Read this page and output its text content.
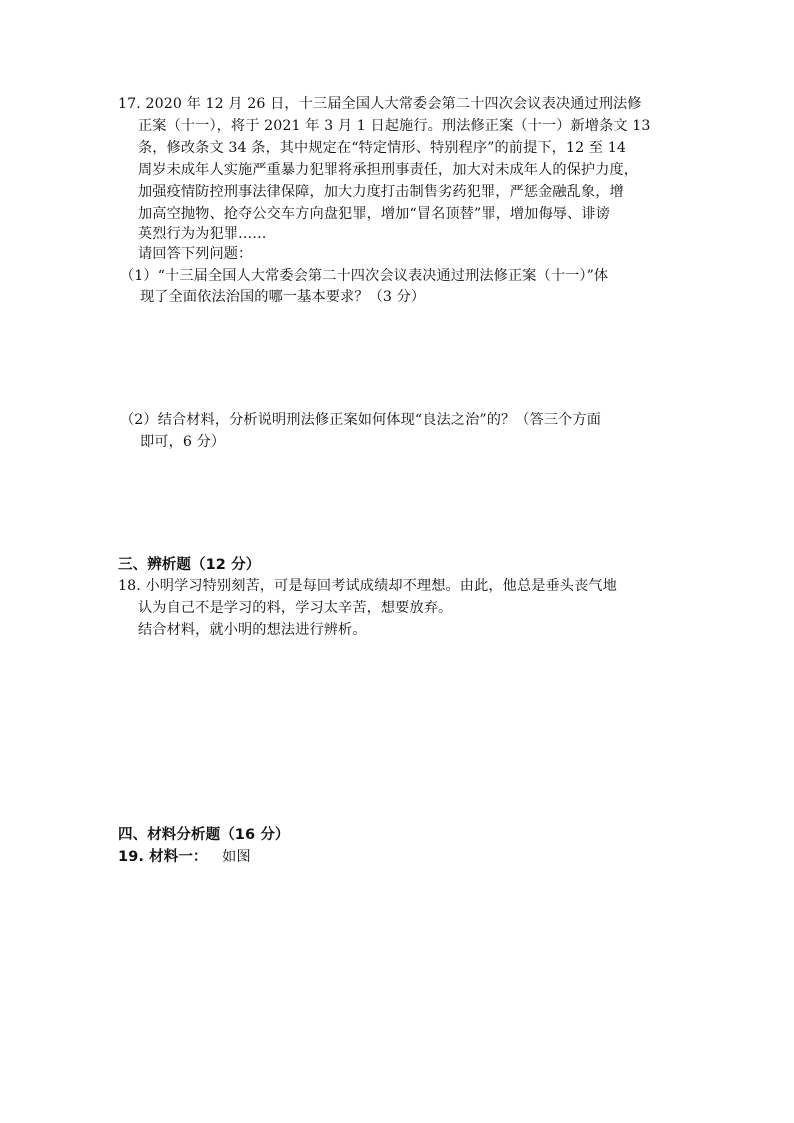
17. 2020 年 12 月 26 日，十三届全国人大常委会第二十四次会议表决通过刑法修
正案（十一），将于 2021 年 3 月 1 日起施行。刑法修正案（十一）新增条文 13
条，修改条文 34 条，其中规定在“特定情形、特别程序”的前提下，12 至 14
周岁未成年人实施严重暴力犯罪将承担刑事责任，加大对未成年人的保护力度，
加强疫情防控刑事法律保障，加大力度打击制售劣药犯罪，严惩金融乱象，增
加高空抛物、抢夺公交车方向盘犯罪，增加“冒名顶替”罪，增加侮辱、诽谤
英烈行为为犯罪……
请回答下列问题：
（1）“十三届全国人大常委会第二十四次会议表决通过刑法修正案（十一）”体
现了全面依法治国的哪一基本要求？（3 分）
（2）结合材料，分析说明刑法修正案如何体现“良法之治”的？（答三个方面
即可，6 分）
三、辨析题（12 分）
18. 小明学习特别刻苦，可是每回考试成绩却不理想。由此，他总是垂头丧气地
认为自己不是学习的料，学习太辛苦，想要放弃。
结合材料，就小明的想法进行辨析。
四、材料分析题（16 分）
19. 材料一： 如图
